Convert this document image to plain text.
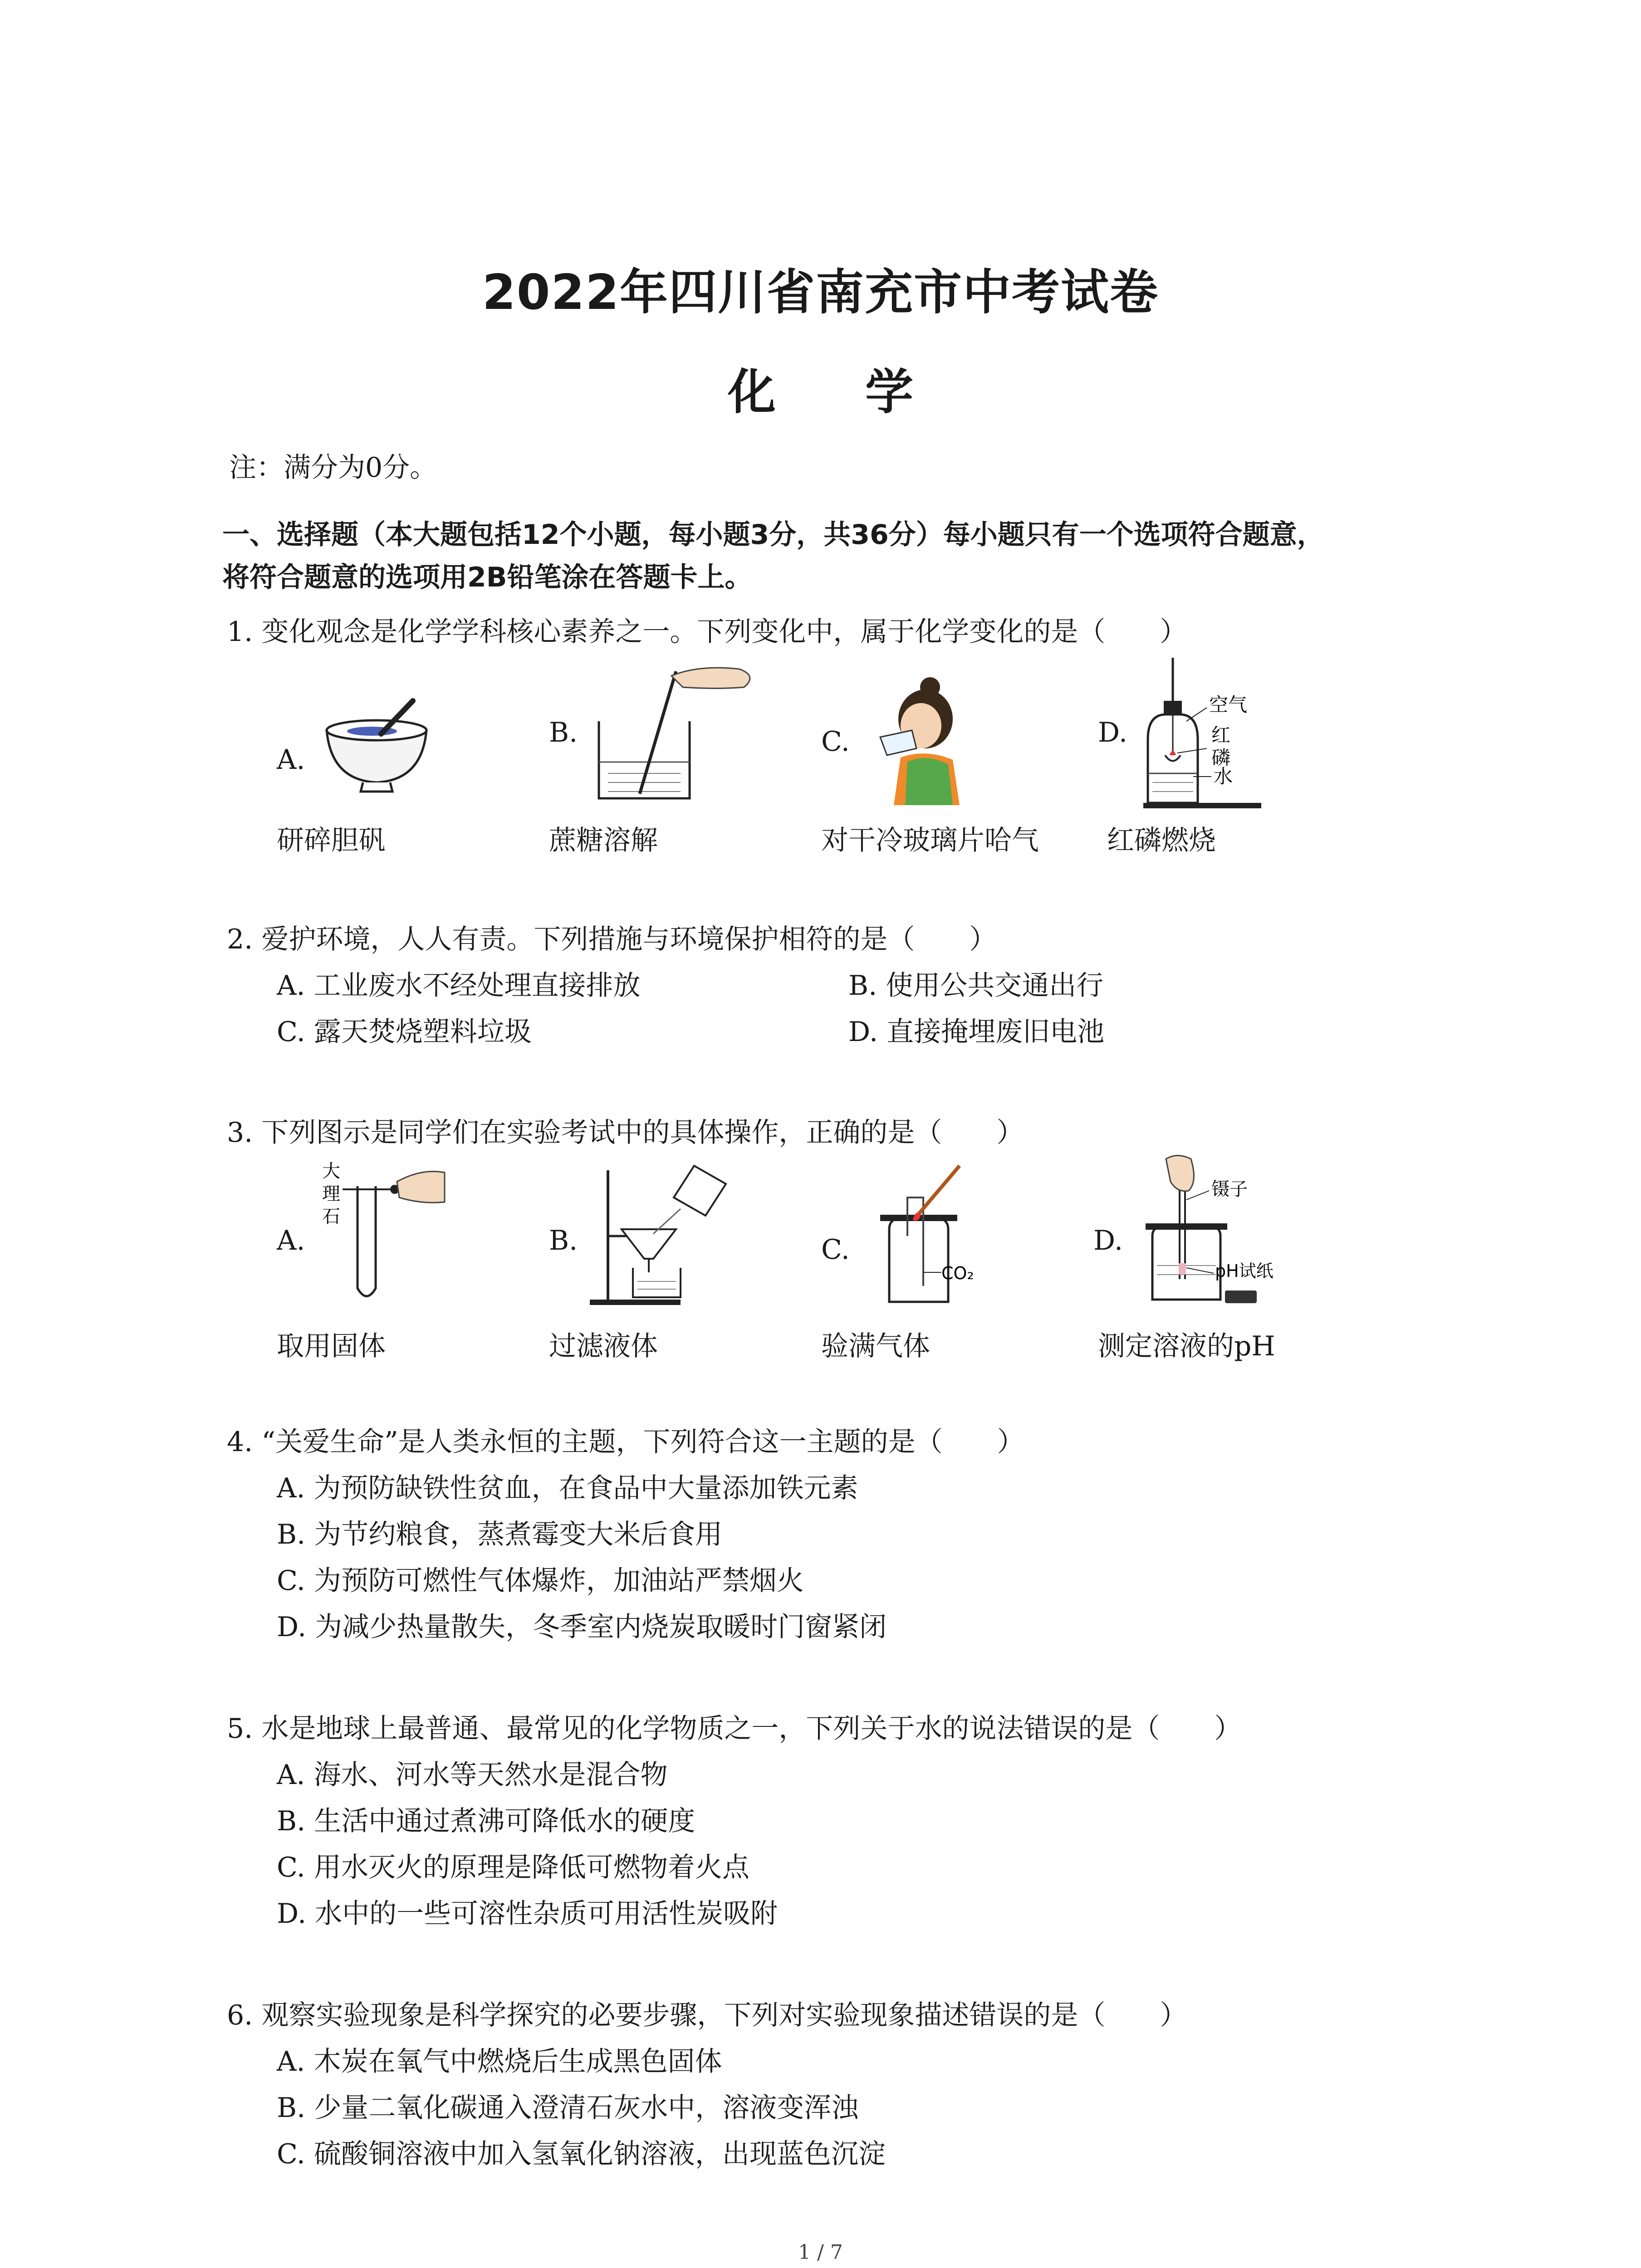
2022年四川省南充市中考试卷
化 学
注：满分为0分。
一、选择题（本大题包括12个小题，每小题3分，共36分）每小题只有一个选项符合题意，
将符合题意的选项用2B铅笔涂在答题卡上。
1. 变化观念是化学学科核心素养之一。下列变化中，属于化学变化的是（　　）
A.
研碎胆矾
B.
蔗糖溶解
C.
对干冷玻璃片哈气
D.
空气
红
磷
水
红磷燃烧
2. 爱护环境，人人有责。下列措施与环境保护相符的是（　　）
A. 工业废水不经处理直接排放	B. 使用公共交通出行
C. 露天焚烧塑料垃圾	D. 直接掩埋废旧电池
3. 下列图示是同学们在实验考试中的具体操作，正确的是（　　）
A.
大
理
石
取用固体
B.
过滤液体
C.
CO₂
验满气体
D.
镊子
pH试纸
测定溶液的pH
4. “关爱生命”是人类永恒的主题，下列符合这一主题的是（　　）
A. 为预防缺铁性贫血，在食品中大量添加铁元素
B. 为节约粮食，蒸煮霉变大米后食用
C. 为预防可燃性气体爆炸，加油站严禁烟火
D. 为减少热量散失，冬季室内烧炭取暖时门窗紧闭
5. 水是地球上最普通、最常见的化学物质之一，下列关于水的说法错误的是（　　）
A. 海水、河水等天然水是混合物
B. 生活中通过煮沸可降低水的硬度
C. 用水灭火的原理是降低可燃物着火点
D. 水中的一些可溶性杂质可用活性炭吸附
6. 观察实验现象是科学探究的必要步骤，下列对实验现象描述错误的是（　　）
A. 木炭在氧气中燃烧后生成黑色固体
B. 少量二氧化碳通入澄清石灰水中，溶液变浑浊
C. 硫酸铜溶液中加入氢氧化钠溶液，出现蓝色沉淀
1 / 7
